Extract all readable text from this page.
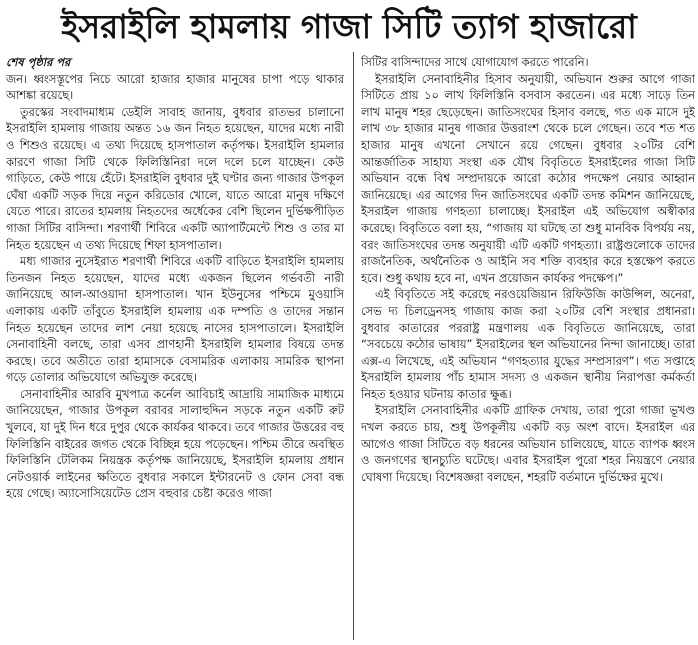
ইসরাইলি হামলায় গাজা সিটি ত্যাগ হাজারো

শেষ পৃষ্ঠার পর

জন। ধ্বংসস্তূপের নিচে আরো হাজার হাজার মানুষের চাপা পড়ে থাকার আশঙ্কা রয়েছে।

তুরস্কের সংবাদমাধ্যম ডেইলি সাবাহ জানায়, বুধবার রাতভর চালানো ইসরাইলি হামলায় গাজায় অন্তত ১৬ জন নিহত হয়েছেন, যাদের মধ্যে নারী ও শিশুও রয়েছে। এ তথ্য দিয়েছে হাসপাতাল কর্তৃপক্ষ। ইসরাইলি হামলার কারণে গাজা সিটি থেকে ফিলিস্তিনিরা দলে দলে চলে যাচ্ছেন। কেউ গাড়িতে, কেউ পায়ে হেঁটে। ইসরাইলি বুধবার দুই ঘণ্টার জন্য গাজার উপকূল ঘেঁষা একটি সড়ক দিয়ে নতুন করিডোর খোলে, যাতে আরো মানুষ দক্ষিণে যেতে পারে। রাতের হামলায় নিহতদের অর্ধেকের বেশি ছিলেন দুর্ভিক্ষপীড়িত গাজা সিটির বাসিন্দা। শরণার্থী শিবিরে একটি অ্যাপার্টমেন্টে শিশু ও তার মা নিহত হয়েছেন এ তথ্য দিয়েছে শিফা হাসপাতাল।

মধ্য গাজার নুসেইরাত শরণার্থী শিবিরে একটি বাড়িতে ইসরাইলি হামলায় তিনজন নিহত হয়েছেন, যাদের মধ্যে একজন ছিলেন গর্ভবতী নারী জানিয়েছে আল-আওয়াদা হাসপাতাল। খান ইউনুসের পশ্চিমে মুওয়াসি এলাকায় একটি তাঁবুতে ইসরাইলি হামলায় এক দম্পতি ও তাদের সন্তান নিহত হয়েছেন তাদের লাশ নেয়া হয়েছে নাসের হাসপাতালে। ইসরাইলি সেনাবাহিনী বলছে, তারা এসব প্রাণহানী ইসরাইলি হামলার বিষয়ে তদন্ত করছে। তবে অতীতে তারা হামাসকে বেসামরিক এলাকায় সামরিক স্থাপনা গড়ে তোলার অভিযোগে অভিযুক্ত করেছে।

সেনাবাহিনীর আরবি মুখপাত্র কর্নেল আবিচাই আদ্রায়ি সামাজিক মাধ্যমে জানিয়েছেন, গাজার উপকূল বরাবর সালাহুদ্দিন সড়কে নতুন একটি রুট খুলবে, যা দুই দিন ধরে দুপুর থেকে কার্যকর থাকবে। তবে গাজার উত্তরের বহু ফিলিস্তিনি বাইরের জগত থেকে বিচ্ছিন্ন হয়ে পড়েছেন। পশ্চিম তীরে অবস্থিত ফিলিস্তিনি টেলিকম নিয়ন্ত্রক কর্তৃপক্ষ জানিয়েছে, ইসরাইলি হামলায় প্রধান নেটওয়ার্ক লাইনের ক্ষতিতে বুধবার সকালে ইন্টারনেট ও ফোন সেবা বন্ধ হয়ে গেছে। অ্যাসোসিয়েটেড প্রেস বহুবার চেষ্টা করেও গাজা

সিটির বাসিন্দাদের সাথে যোগাযোগ করতে পারেনি।

ইসরাইলি সেনাবাহিনীর হিসাব অনুযায়ী, অভিযান শুরুর আগে গাজা সিটিতে প্রায় ১০ লাখ ফিলিস্তিনি বসবাস করতেন। এর মধ্যে সাড়ে তিন লাখ মানুষ শহর ছেড়েছেন। জাতিসংঘের হিসাব বলছে, গত এক মাসে দুই লাখ ৩৮ হাজার মানুষ গাজার উত্তরাংশ থেকে চলে গেছেন। তবে শত শত হাজার মানুষ এখনো সেখানে রয়ে গেছেন। বুধবার ২০টির বেশি আন্তর্জাতিক সাহায্য সংস্থা এক যৌথ বিবৃতিতে ইসরাইলের গাজা সিটি অভিযান বন্ধে বিশ্ব সম্প্রদায়কে আরো কঠোর পদক্ষেপ নেয়ার আহ্বান জানিয়েছে। এর আগের দিন জাতিসংঘের একটি তদন্ত কমিশন জানিয়েছে, ইসরাইল গাজায় গণহত্যা চালাচ্ছে। ইসরাইল এই অভিযোগ অস্বীকার করেছে। বিবৃতিতে বলা হয়, “গাজায় যা ঘটছে তা শুধু মানবিক বিপর্যয় নয়, বরং জাতিসংঘের তদন্ত অনুযায়ী এটি একটি গণহত্যা। রাষ্ট্রগুলোকে তাদের রাজনৈতিক, অর্থনৈতিক ও আইনি সব শক্তি ব্যবহার করে হস্তক্ষেপ করতে হবে। শুধু কথায় হবে না, এখন প্রয়োজন কার্যকর পদক্ষেপ।”

এই বিবৃতিতে সই করেছে নরওয়েজিয়ান রিফিউজি কাউন্সিল, অনেরা, সেভ দ্য চিলড্রেনসহ গাজায় কাজ করা ২০টির বেশি সংস্থার প্রধানরা। বুধবার কাতারের পররাষ্ট্র মন্ত্রণালয় এক বিবৃতিতে জানিয়েছে, তারা “সবচেয়ে কঠোর ভাষায়” ইসরাইলের স্থল অভিযানের নিন্দা জানাচ্ছে। তারা এক্স-এ লিখেছে, এই অভিযান “গণহত্যার যুদ্ধের সম্প্রসারণ”। গত সপ্তাহে ইসরাইলি হামলায় পাঁচ হামাস সদস্য ও একজন স্থানীয় নিরাপত্তা কর্মকর্তা নিহত হওয়ার ঘটনায় কাতার ক্ষুব্ধ।

ইসরাইলি সেনাবাহিনীর একটি গ্রাফিক দেখায়, তারা পুরো গাজা ভূখণ্ড দখল করতে চায়, শুধু উপকূলীয় একটি বড় অংশ বাদে। ইসরাইল এর আগেও গাজা সিটিতে বড় ধরনের অভিযান চালিয়েছে, যাতে ব্যাপক ধ্বংস ও জনগণের স্থানচ্যুতি ঘটেছে। এবার ইসরাইল পুরো শহর নিয়ন্ত্রণে নেয়ার ঘোষণা দিয়েছে। বিশেষজ্ঞরা বলছেন, শহরটি বর্তমানে দুর্ভিক্ষের মুখে।
